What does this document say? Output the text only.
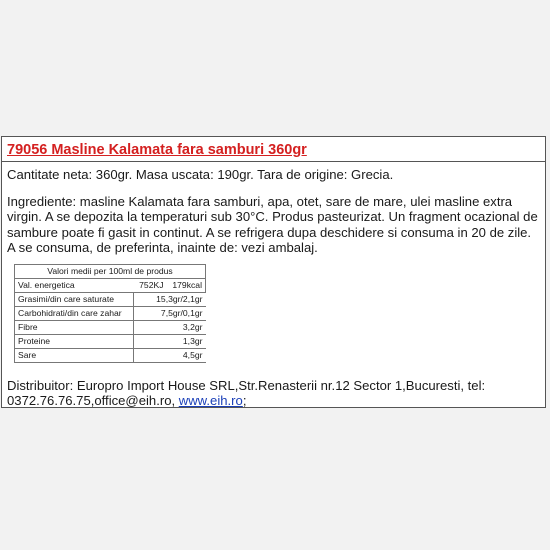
79056 Masline Kalamata fara samburi 360gr

Cantitate neta: 360gr. Masa uscata: 190gr. Tara de origine: Grecia.

Ingrediente: masline Kalamata fara samburi, apa, otet, sare de mare, ulei masline extra virgin. A se depozita la temperaturi sub 30°C. Produs pasteurizat. Un fragment ocazional de sambure poate fi gasit in continut. A se refrigera dupa deschidere si consuma in 20 de zile. A se consuma, de preferinta, inainte de: vezi ambalaj.

Valori medii per 100ml de produs		
Val. energetica	752KJ	179kcal
Grasimi/din care saturate	15,3gr/2,1gr	
Carbohidrati/din care zahar	7,5gr/0,1gr	
Fibre	3,2gr	
Proteine	1,3gr	
Sare	4,5gr	

Distribuitor: Europro Import House SRL,Str.Renasterii nr.12 Sector 1,Bucuresti, tel: 0372.76.76.75,office@eih.ro, www.eih.ro;
